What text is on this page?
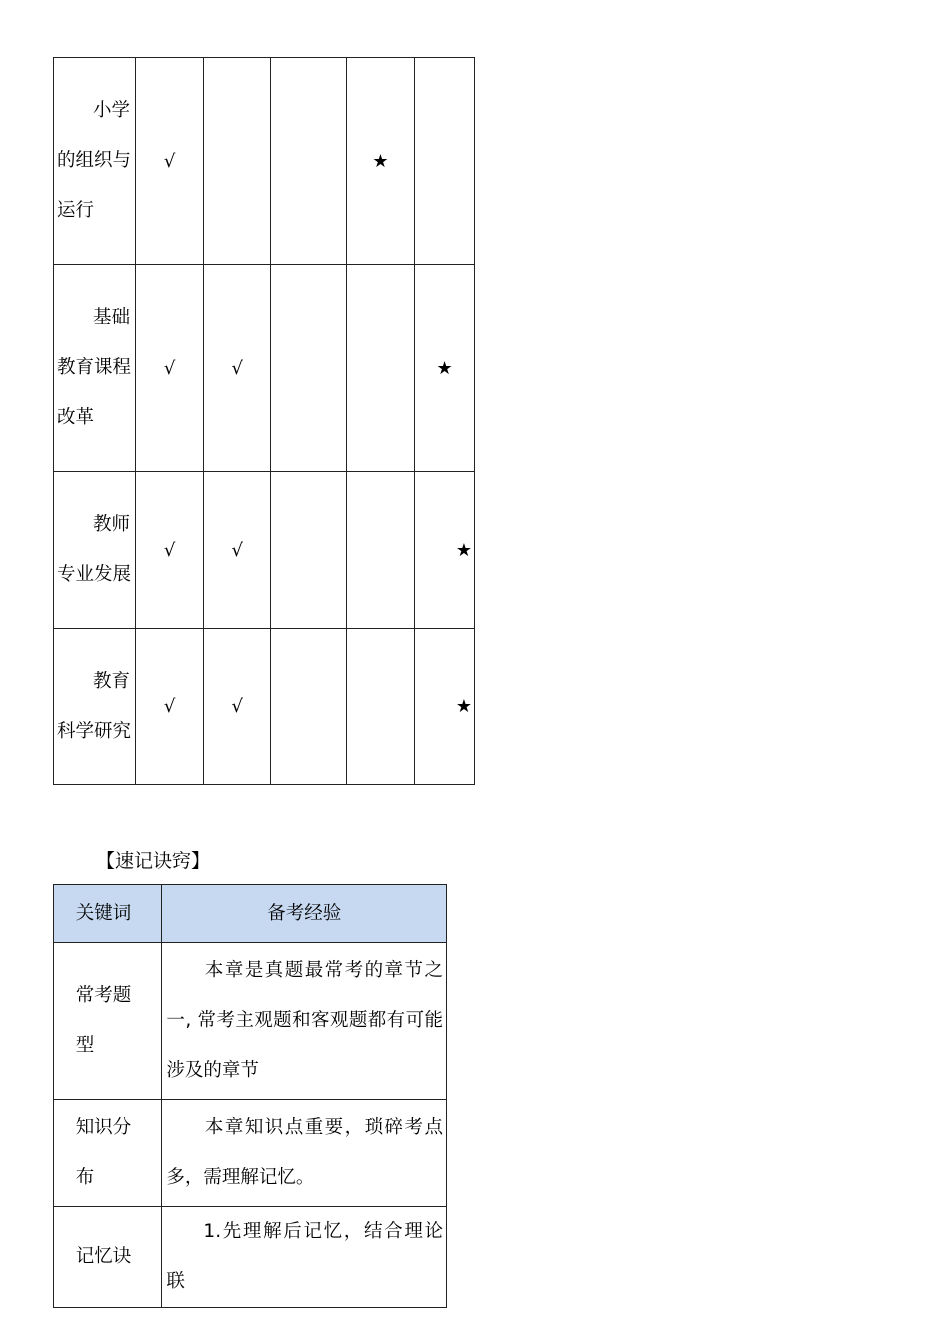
小学的组织与运行	√			★	
基础教育课程改革	√	√			★
教师专业发展	√	√			★
教育科学研究	√	√			★
【速记诀窍】
关键词	备考经验
常考题型	本章是真题最常考的章节之一, 常考主观题和客观题都有可能涉及的章节
知识分布	本章知识点重要，琐碎考点多，需理解记忆。
记忆诀	1.先理解后记忆，结合理论联
